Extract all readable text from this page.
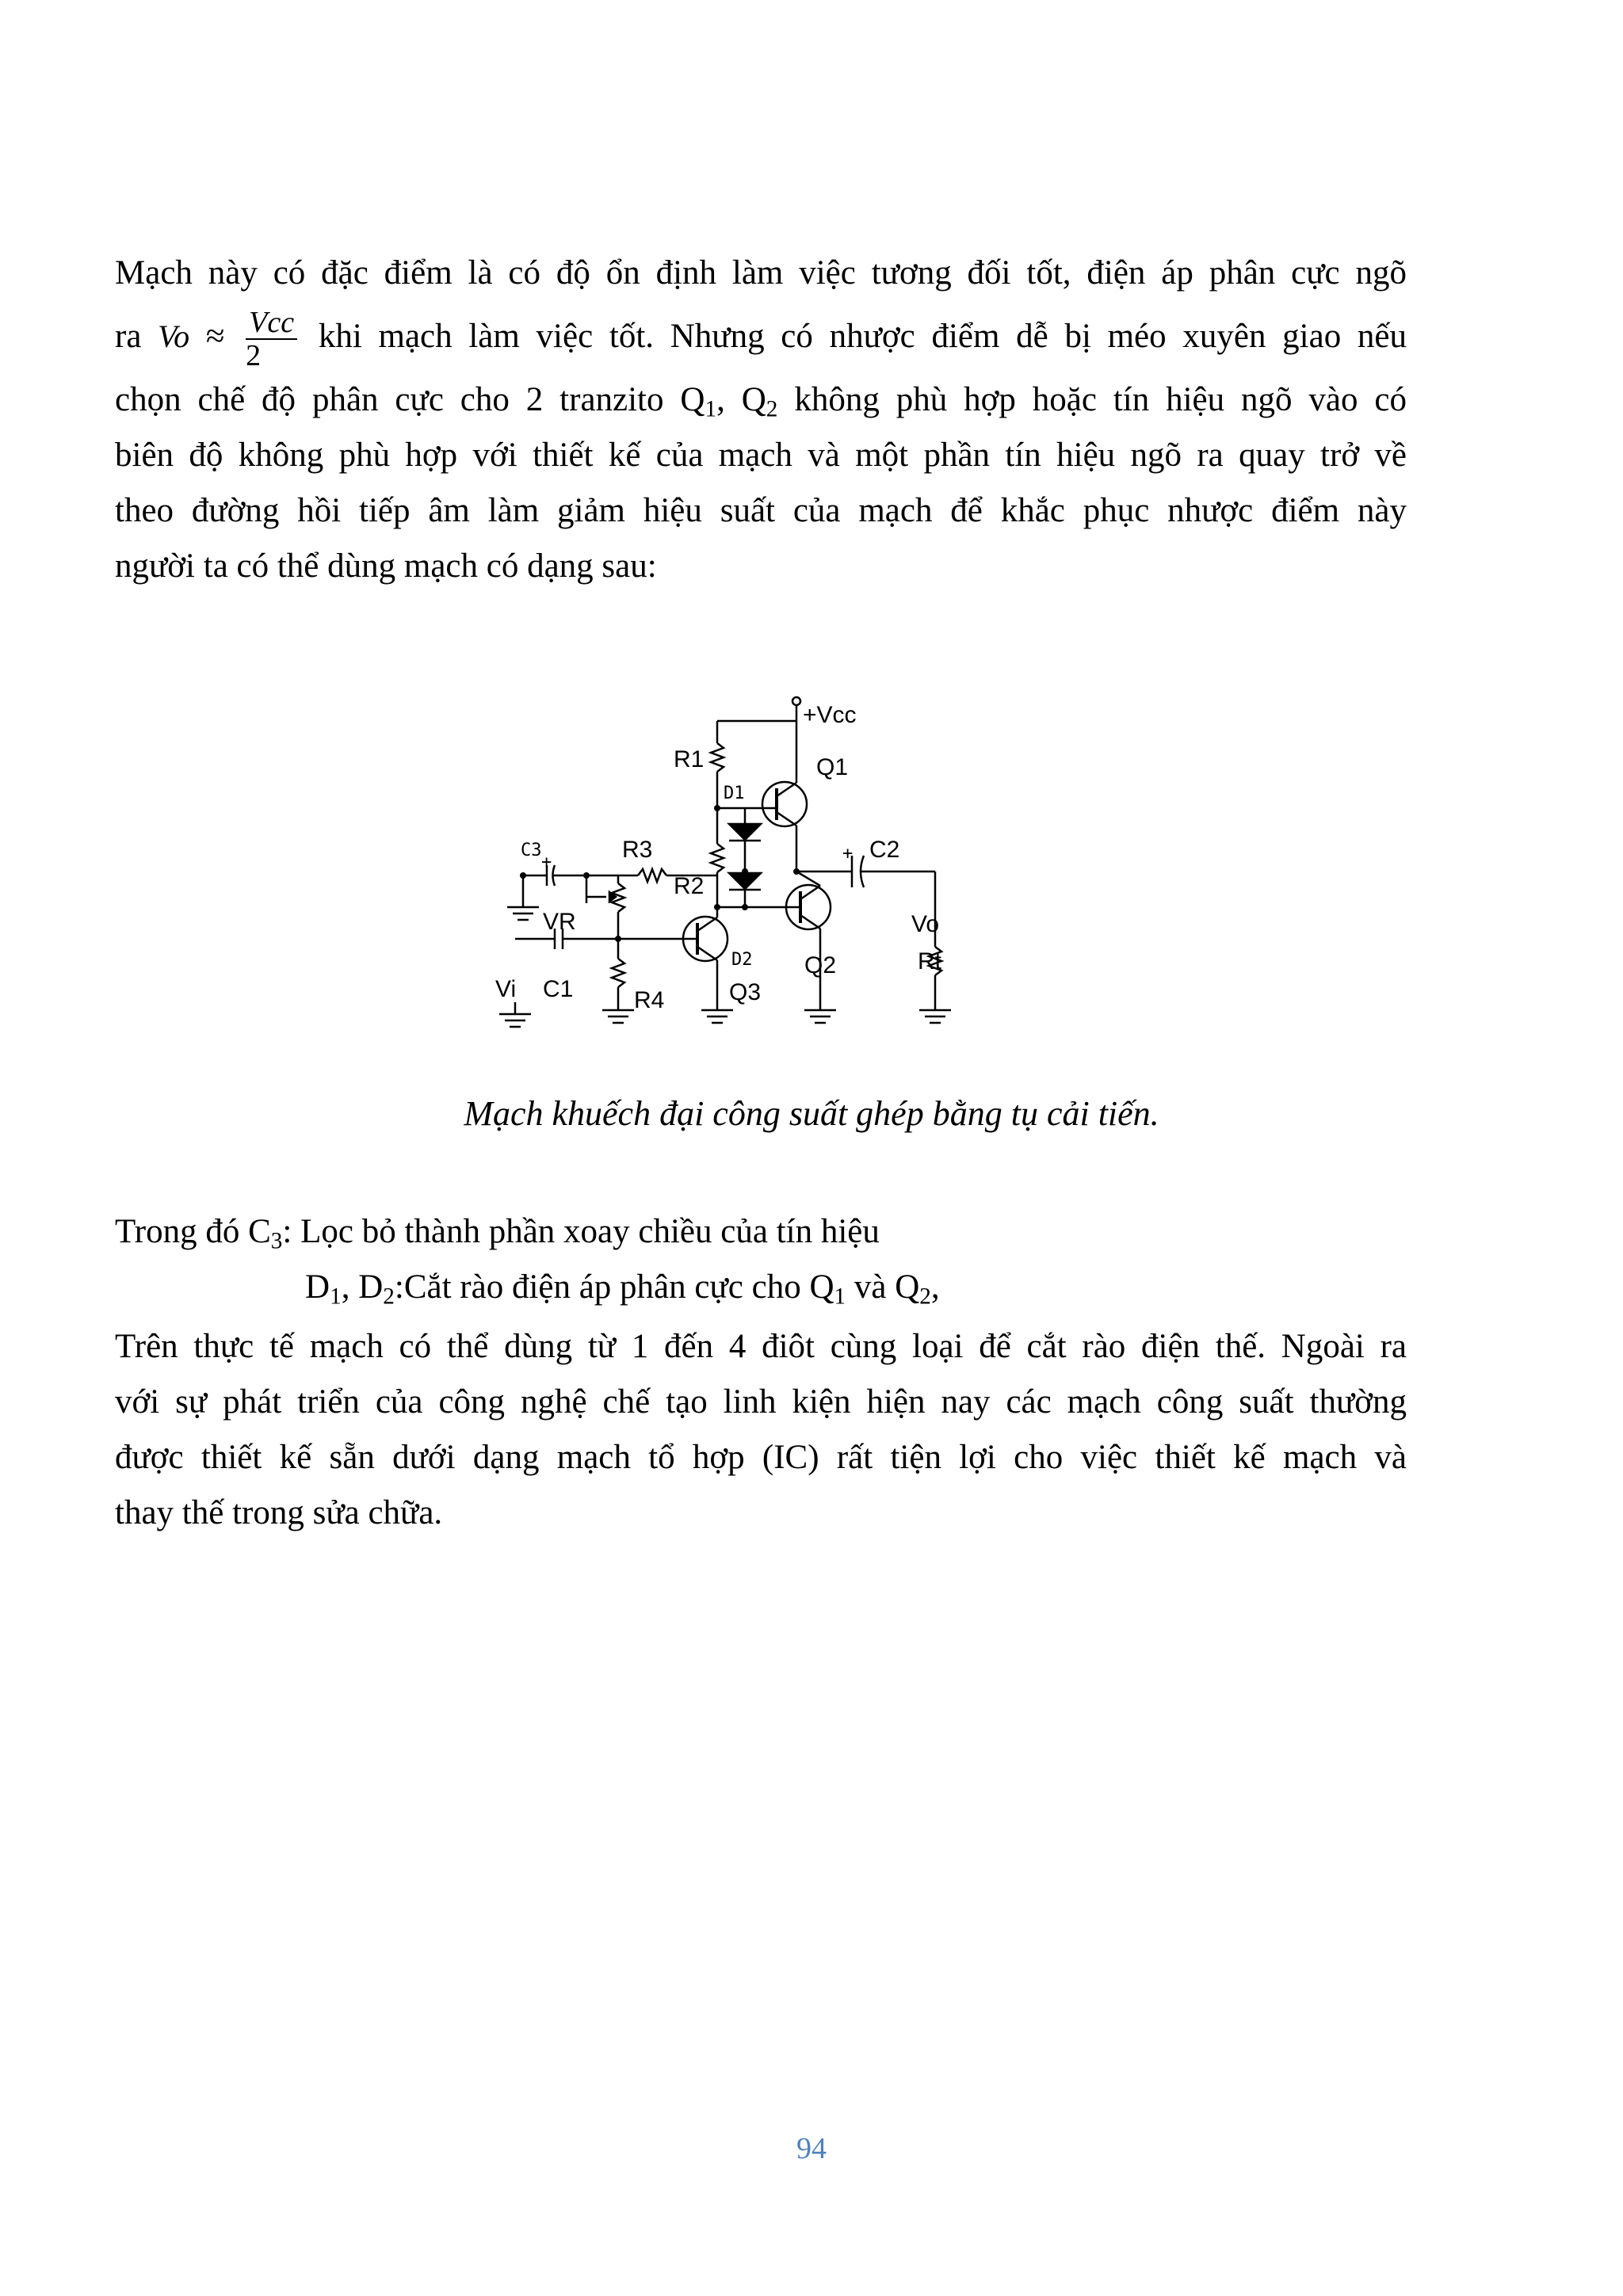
Mạch này có đặc điểm là có độ ổn định làm việc tương đối tốt, điện áp phân cực ngõ
ra $Vo \approx \frac{\text{Vcc}}{2}$ khi mạch làm việc tốt. Nhưng có nhược điểm dễ bị méo xuyên giao nếu
chọn chế độ phân cực cho 2 tranzito $Q_1$, $Q_2$ không phù hợp hoặc tín hiệu ngõ vào có
biên độ không phù hợp với thiết kế của mạch và một phần tín hiệu ngõ ra quay trở về
theo đường hồi tiếp âm làm giảm hiệu suất của mạch để khắc phục nhược điểm này
người ta có thể dùng mạch có dạng sau:
+Vcc
R1
D1
Q1
C3
+	R3
R2
+ C2
VR	Vo
D2 Q2	Rt
Vi C1	R4	Q3
Mạch khuếch đại công suất ghép bằng tụ cải tiến.
Trong đó $C_3$: Lọc bỏ thành phần xoay chiều của tín hiệu
$D_1$, $D_2:Cắt$ rào điện áp phân cực cho $Q_1$ và $Q_2$,
Trên thực tế mạch có thể dùng từ 1 đến 4 điôt cùng loại để cắt rào điện thế. Ngoài ra
với sự phát triển của công nghệ chế tạo linh kiện hiện nay các mạch công suất thường
được thiết kế sẵn dưới dạng mạch tổ hợp (IC) rất tiện lợi cho việc thiết kế mạch và
thay thế trong sửa chữa.
94
